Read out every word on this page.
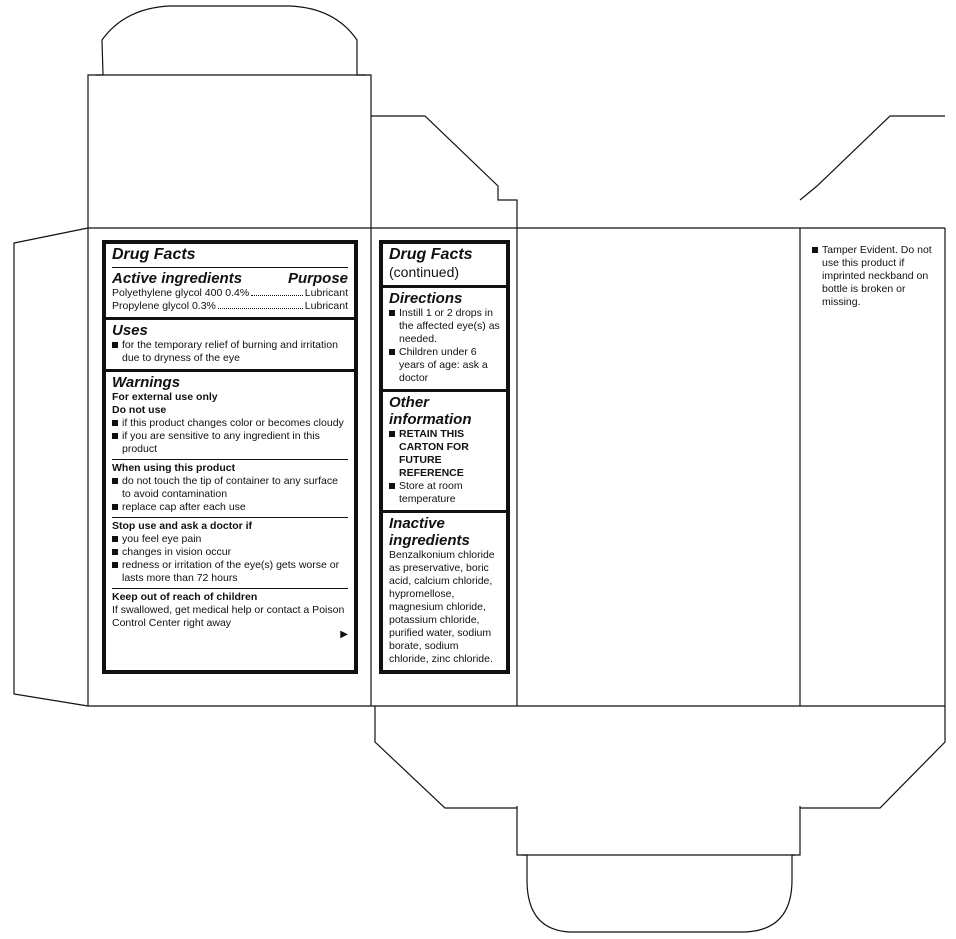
Drug Facts
Active ingredients	Purpose
Polyethylene glycol 400 0.4%	Lubricant
Propylene glycol 0.3%	Lubricant
Uses
for the temporary relief of burning and irritation due to dryness of the eye
Warnings
For external use only
Do not use
if this product changes color or becomes cloudy
if you are sensitive to any ingredient in this product
When using this product
do not touch the tip of container to any surface to avoid contamination
replace cap after each use
Stop use and ask a doctor if
you feel eye pain
changes in vision occur
redness or irritation of the eye(s) gets worse or lasts more than 72 hours
Keep out of reach of children
If swallowed, get medical help or contact a Poison Control Center right away
▶
Drug Facts
(continued)
Directions
Instill 1 or 2 drops in the affected eye(s) as needed.
Children under 6 years of age: ask a doctor
Other information
RETAIN THIS CARTON FOR FUTURE REFERENCE
Store at room temperature
Inactive ingredients
Benzalkonium chloride as preservative, boric acid, calcium chloride, hypromellose, magnesium chloride, potassium chloride, purified water, sodium borate, sodium chloride, zinc chloride.
Tamper Evident. Do not use this product if imprinted neckband on bottle is broken or missing.
